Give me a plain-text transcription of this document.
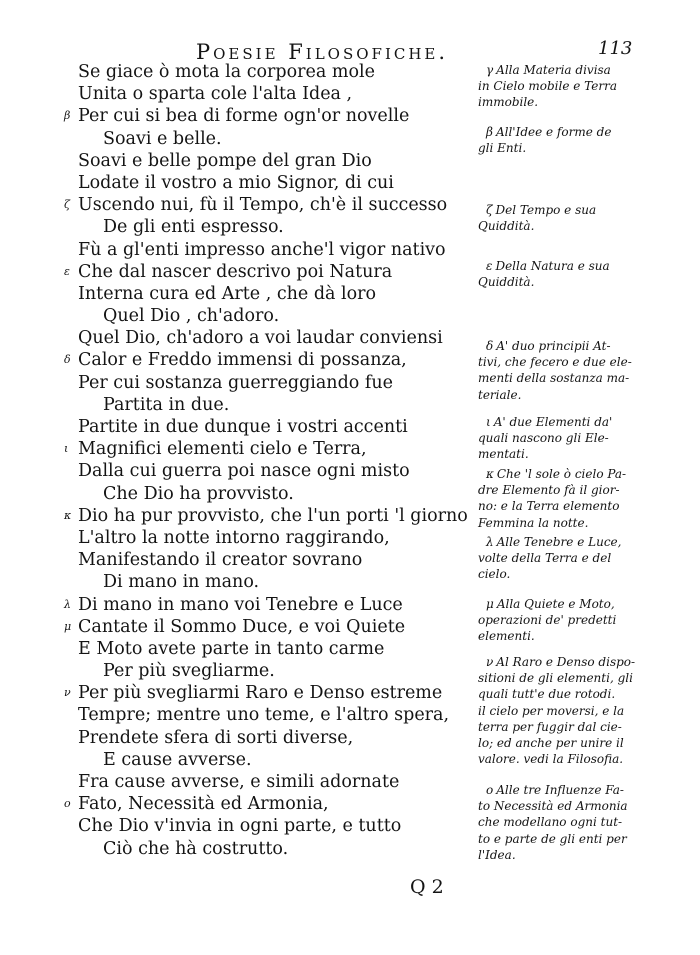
Poesie Filosofiche.	113
Se giace ò mota la corporea mole
Unita o sparta cole l'alta Idea ,
β Per cui si bea di forme ogn'or novelle
Soavi e belle.
Soavi e belle pompe del gran Dio
Lodate il vostro a mio Signor, di cui
ζ Uscendo nui, fù il Tempo, ch'è il successo
De gli enti espresso.
Fù a gl'enti impresso anche'l vigor nativo
ε Che dal nascer descrivo poi Natura
Interna cura ed Arte , che dà loro
Quel Dio , ch'adoro.
Quel Dio, ch'adoro a voi laudar conviensi
δ Calor e Freddo immensi di possanza,
Per cui sostanza guerreggiando fue
Partita in due.
Partite in due dunque i vostri accenti
ι Magnifici elementi cielo e Terra,
Dalla cui guerra poi nasce ogni misto
Che Dio ha provvisto.
κ Dio ha pur provvisto, che l'un porti 'l giorno
L'altro la notte intorno raggirando,
Manifestando il creator sovrano
Di mano in mano.
λ Di mano in mano voi Tenebre e Luce
μ Cantate il Sommo Duce, e voi Quiete
E Moto avete parte in tanto carme
Per più svegliarme.
ν Per più svegliarmi Raro e Denso estreme
Tempre; mentre uno teme, e l'altro spera,
Prendete sfera di sorti diverse,
E cause avverse.
Fra cause avverse, e simili adornate
ο Fato, Necessità ed Armonia,
Che Dio v'invia in ogni parte, e tutto
Ciò che hà costrutto.
γ Alla Materia divisa
in Cielo mobile e Terra
immobile.
β All'Idee e forme de
gli Enti.
ζ Del Tempo e sua
Quiddità.
ε Della Natura e sua
Quiddità.
δ A' duo principii At-
tivi, che fecero e due ele-
menti della sostanza ma-
teriale.
ι A' due Elementi da'
quali nascono gli Ele-
mentati.
κ Che 'l sole ò cielo Pa-
dre Elemento fà il gior-
no: e la Terra elemento
Femmina la notte.
λ Alle Tenebre e Luce,
volte della Terra e del
cielo.
μ Alla Quiete e Moto,
operazioni de' predetti
elementi.
ν Al Raro e Denso dispo-
sitioni de gli elementi, gli
quali tutt'e due rotodi.
il cielo per moversi, e la
terra per fuggir dal cie-
lo; ed anche per unire il
valore. vedi la Filosofia.
ο Alle tre Influenze Fa-
to Necessità ed Armonia
che modellano ogni tut-
to e parte de gli enti per
l'Idea.
Q 2
